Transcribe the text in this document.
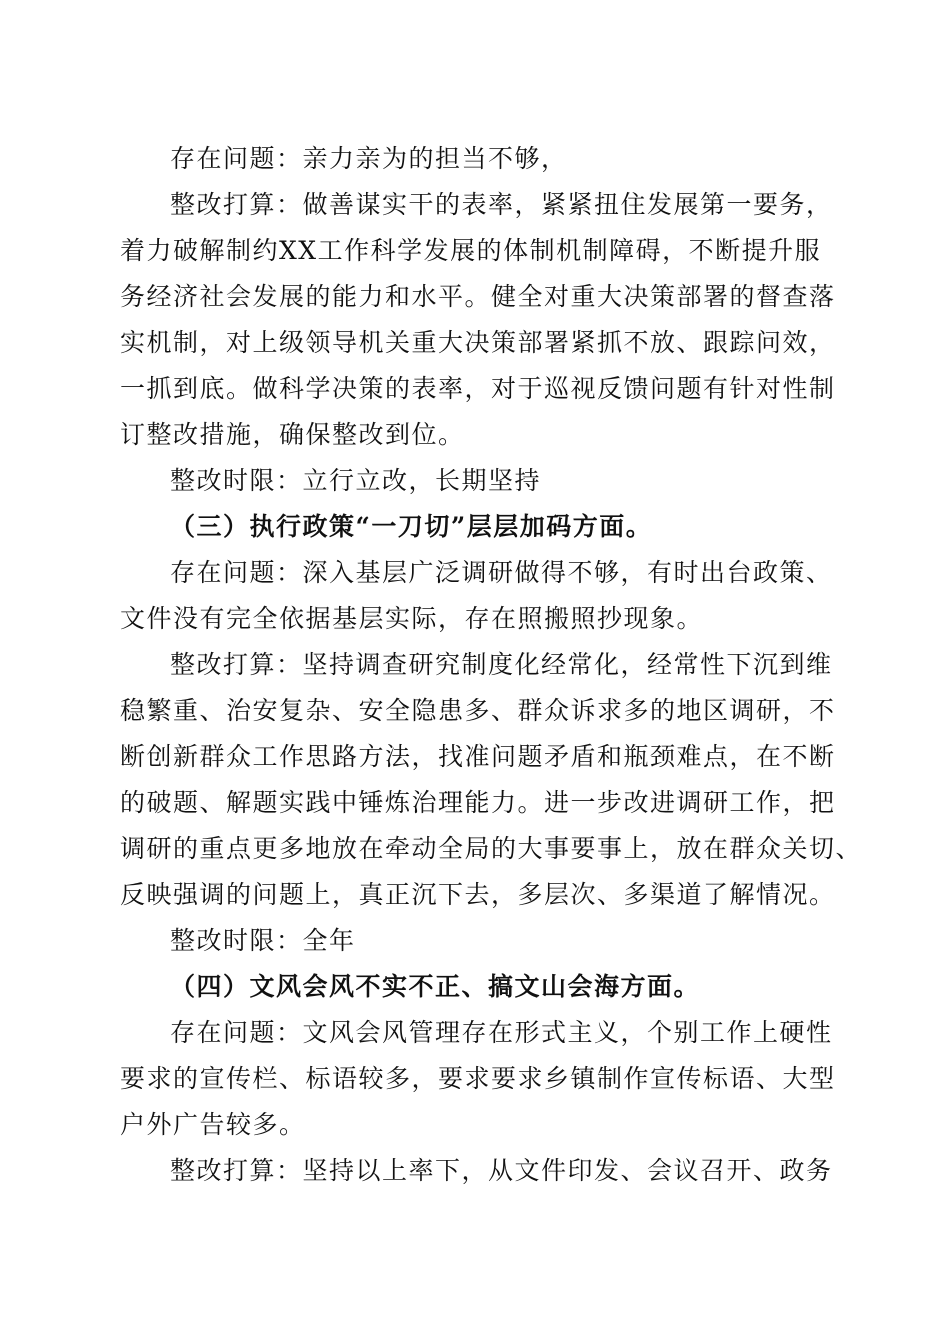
存在问题：亲力亲为的担当不够，
整改打算：做善谋实干的表率，紧紧扭住发展第一要务，
着力破解制约XX工作科学发展的体制机制障碍，不断提升服
务经济社会发展的能力和水平。健全对重大决策部署的督查落
实机制，对上级领导机关重大决策部署紧抓不放、跟踪问效，
一抓到底。做科学决策的表率，对于巡视反馈问题有针对性制
订整改措施，确保整改到位。
整改时限：立行立改，长期坚持
（三）执行政策“一刀切”层层加码方面。
存在问题：深入基层广泛调研做得不够，有时出台政策、
文件没有完全依据基层实际，存在照搬照抄现象。
整改打算：坚持调查研究制度化经常化，经常性下沉到维
稳繁重、治安复杂、安全隐患多、群众诉求多的地区调研，不
断创新群众工作思路方法，找准问题矛盾和瓶颈难点，在不断
的破题、解题实践中锤炼治理能力。进一步改进调研工作，把
调研的重点更多地放在牵动全局的大事要事上，放在群众关切、
反映强调的问题上，真正沉下去，多层次、多渠道了解情况。
整改时限：全年
（四）文风会风不实不正、搞文山会海方面。
存在问题：文风会风管理存在形式主义，个别工作上硬性
要求的宣传栏、标语较多，要求要求乡镇制作宣传标语、大型
户外广告较多。
整改打算：坚持以上率下，从文件印发、会议召开、政务
